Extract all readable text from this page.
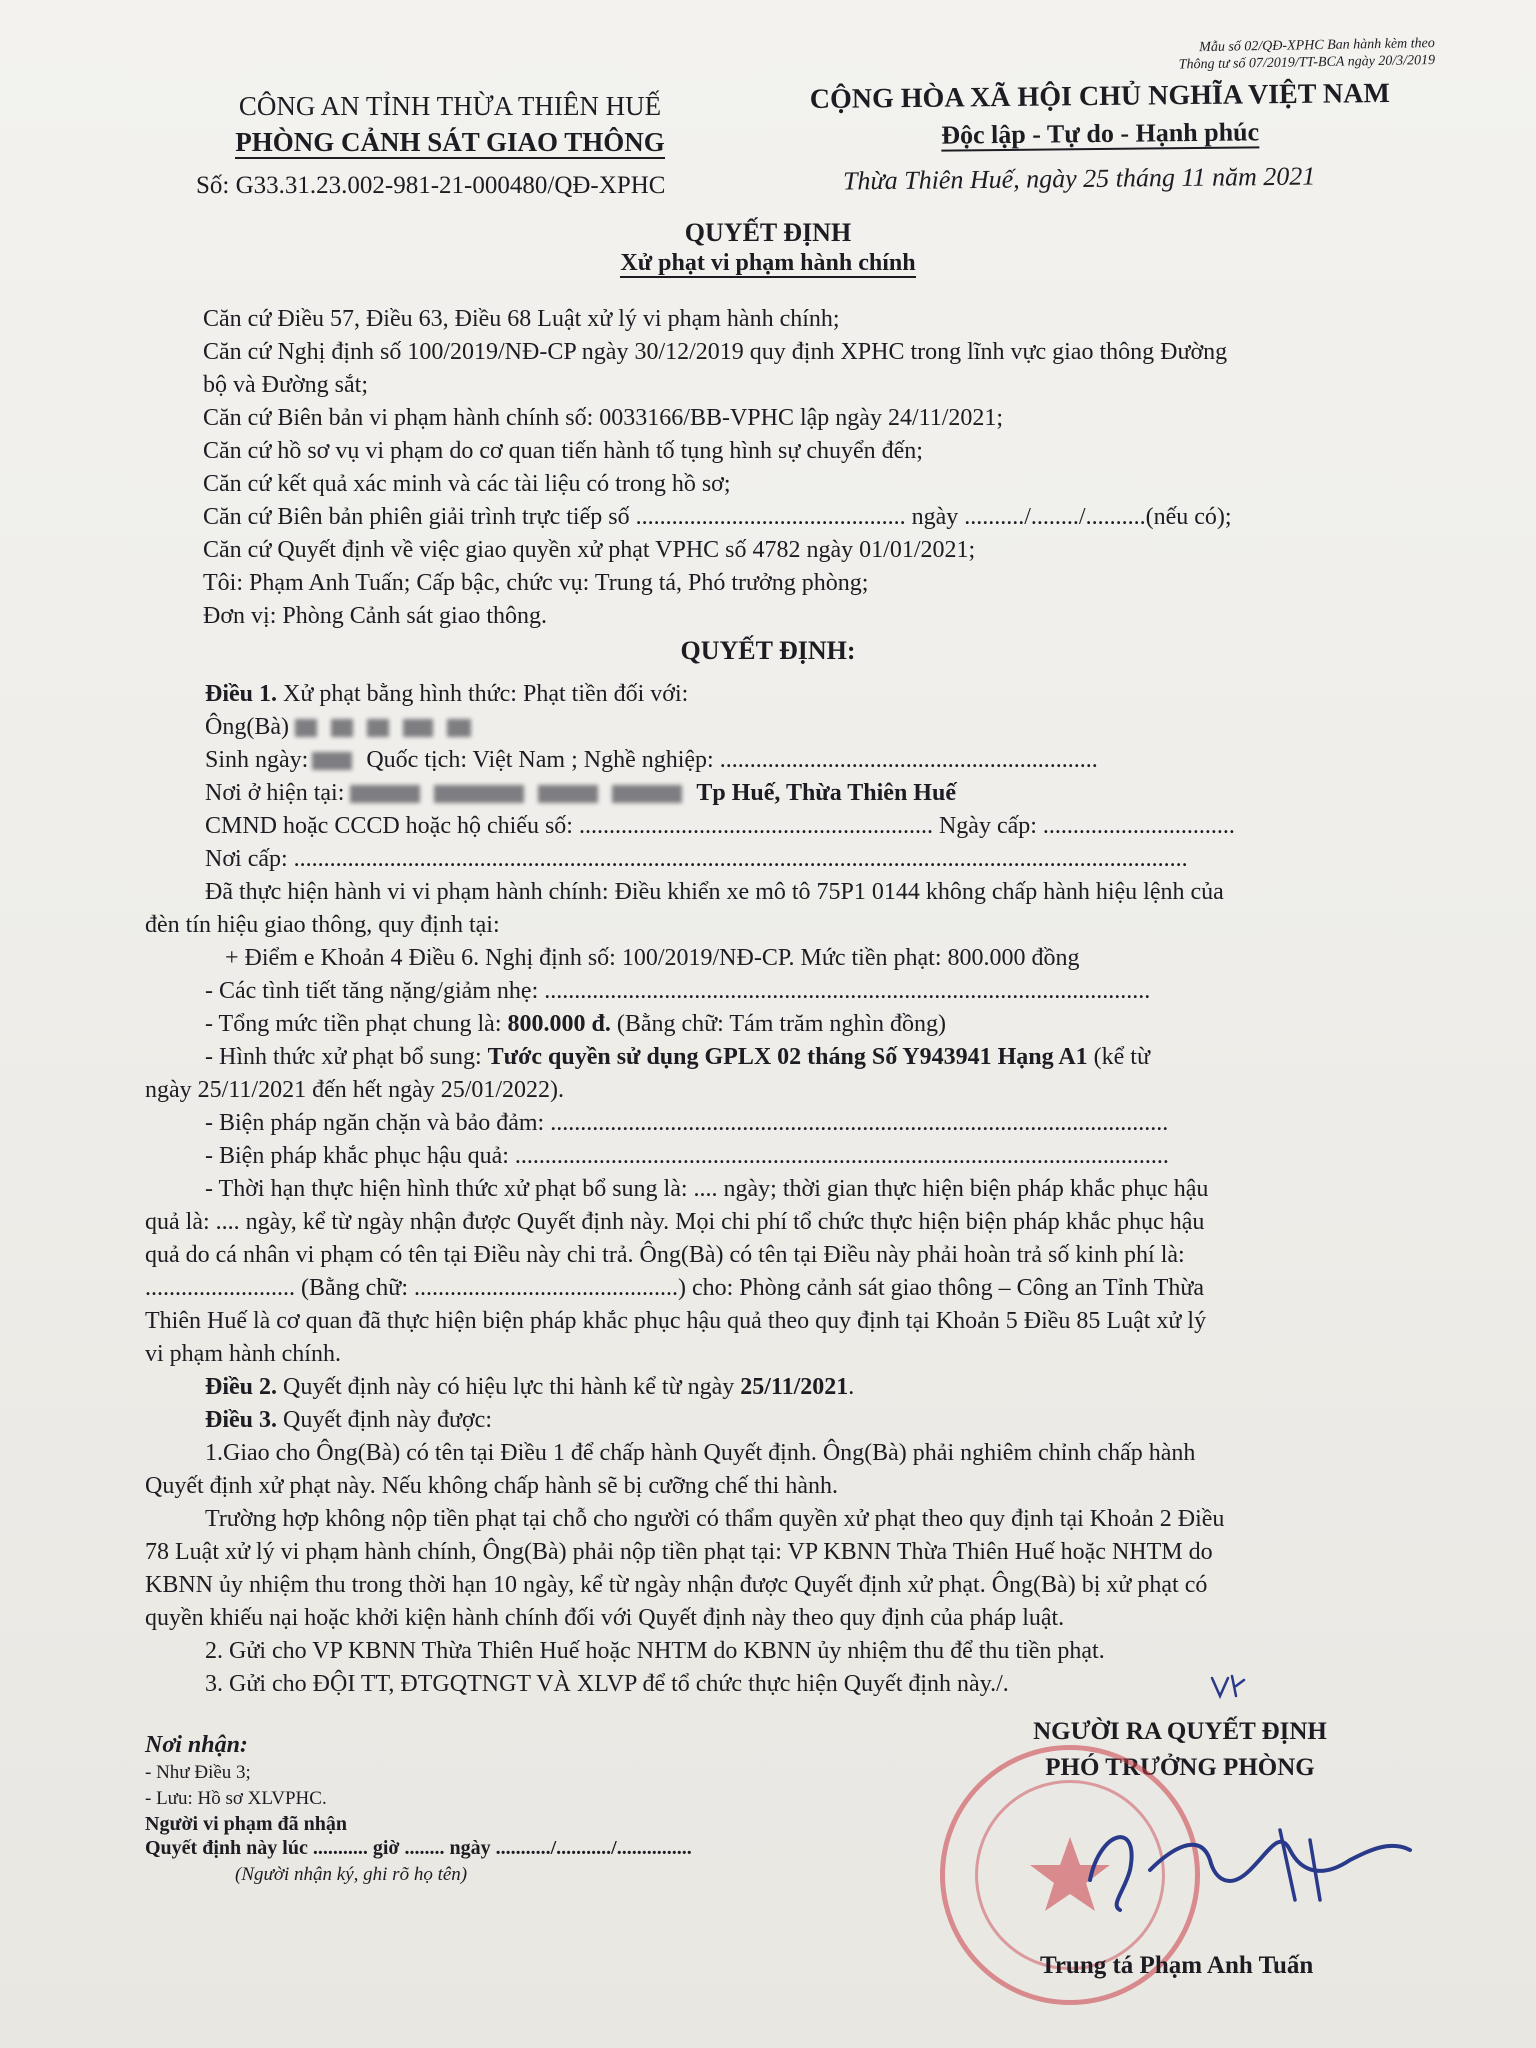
Mẫu số 02/QĐ-XPHC Ban hành kèm theo
Thông tư số 07/2019/TT-BCA ngày 20/3/2019
CÔNG AN TỈNH THỪA THIÊN HUẾ
PHÒNG CẢNH SÁT GIAO THÔNG
Số: G33.31.23.002-981-21-000480/QĐ-XPHC
CỘNG HÒA XÃ HỘI CHỦ NGHĨA VIỆT NAM
Độc lập - Tự do - Hạnh phúc
Thừa Thiên Huế, ngày 25 tháng 11 năm 2021
QUYẾT ĐỊNH
Xử phạt vi phạm hành chính
Căn cứ Điều 57, Điều 63, Điều 68 Luật xử lý vi phạm hành chính;
Căn cứ Nghị định số 100/2019/NĐ-CP ngày 30/12/2019 quy định XPHC trong lĩnh vực giao thông Đường
bộ và Đường sắt;
Căn cứ Biên bản vi phạm hành chính số: 0033166/BB-VPHC lập ngày 24/11/2021;
Căn cứ hồ sơ vụ vi phạm do cơ quan tiến hành tố tụng hình sự chuyển đến;
Căn cứ kết quả xác minh và các tài liệu có trong hồ sơ;
Căn cứ Biên bản phiên giải trình trực tiếp số ............................................. ngày ........../......../..........(nếu có);
Căn cứ Quyết định về việc giao quyền xử phạt VPHC số 4782 ngày 01/01/2021;
Tôi: Phạm Anh Tuấn; Cấp bậc, chức vụ: Trung tá, Phó trưởng phòng;
Đơn vị: Phòng Cảnh sát giao thông.
QUYẾT ĐỊNH:
Điều 1. Xử phạt bằng hình thức: Phạt tiền đối với:
Ông(Bà)
Sinh ngày: Quốc tịch: Việt Nam ; Nghề nghiệp: ...............................................................
Nơi ở hiện tại:	Tp Huế, Thừa Thiên Huế
CMND hoặc CCCD hoặc hộ chiếu số: ........................................................... Ngày cấp: ................................
Nơi cấp: .....................................................................................................................................................
Đã thực hiện hành vi vi phạm hành chính: Điều khiển xe mô tô 75P1 0144 không chấp hành hiệu lệnh của
đèn tín hiệu giao thông, quy định tại:
+ Điểm e Khoản 4 Điều 6. Nghị định số: 100/2019/NĐ-CP. Mức tiền phạt: 800.000 đồng
- Các tình tiết tăng nặng/giảm nhẹ: .....................................................................................................
- Tổng mức tiền phạt chung là: 800.000 đ. (Bằng chữ: Tám trăm nghìn đồng)
- Hình thức xử phạt bổ sung: Tước quyền sử dụng GPLX 02 tháng Số Y943941 Hạng A1 (kể từ
ngày 25/11/2021 đến hết ngày 25/01/2022).
- Biện pháp ngăn chặn và bảo đảm: .......................................................................................................
- Biện pháp khắc phục hậu quả: .............................................................................................................
- Thời hạn thực hiện hình thức xử phạt bổ sung là: .... ngày; thời gian thực hiện biện pháp khắc phục hậu
quả là: .... ngày, kể từ ngày nhận được Quyết định này. Mọi chi phí tổ chức thực hiện biện pháp khắc phục hậu
quả do cá nhân vi phạm có tên tại Điều này chi trả. Ông(Bà) có tên tại Điều này phải hoàn trả số kinh phí là:
......................... (Bằng chữ: ............................................) cho: Phòng cảnh sát giao thông – Công an Tỉnh Thừa
Thiên Huế là cơ quan đã thực hiện biện pháp khắc phục hậu quả theo quy định tại Khoản 5 Điều 85 Luật xử lý
vi phạm hành chính.
Điều 2. Quyết định này có hiệu lực thi hành kể từ ngày 25/11/2021.
Điều 3. Quyết định này được:
1.Giao cho Ông(Bà) có tên tại Điều 1 để chấp hành Quyết định. Ông(Bà) phải nghiêm chỉnh chấp hành
Quyết định xử phạt này. Nếu không chấp hành sẽ bị cưỡng chế thi hành.
Trường hợp không nộp tiền phạt tại chỗ cho người có thẩm quyền xử phạt theo quy định tại Khoản 2 Điều
78 Luật xử lý vi phạm hành chính, Ông(Bà) phải nộp tiền phạt tại: VP KBNN Thừa Thiên Huế hoặc NHTM do
KBNN ủy nhiệm thu trong thời hạn 10 ngày, kể từ ngày nhận được Quyết định xử phạt. Ông(Bà) bị xử phạt có
quyền khiếu nại hoặc khởi kiện hành chính đối với Quyết định này theo quy định của pháp luật.
2. Gửi cho VP KBNN Thừa Thiên Huế hoặc NHTM do KBNN ủy nhiệm thu để thu tiền phạt.
3. Gửi cho ĐỘI TT, ĐTGQTNGT VÀ XLVP để tổ chức thực hiện Quyết định này./.
Nơi nhận:
- Như Điều 3;
- Lưu: Hồ sơ XLVPHC.
Người vi phạm đã nhận
Quyết định này lúc ........... giờ ........ ngày .........../.........../...............
(Người nhận ký, ghi rõ họ tên)
NGƯỜI RA QUYẾT ĐỊNH
PHÓ TRƯỞNG PHÒNG
Trung tá Phạm Anh Tuấn
